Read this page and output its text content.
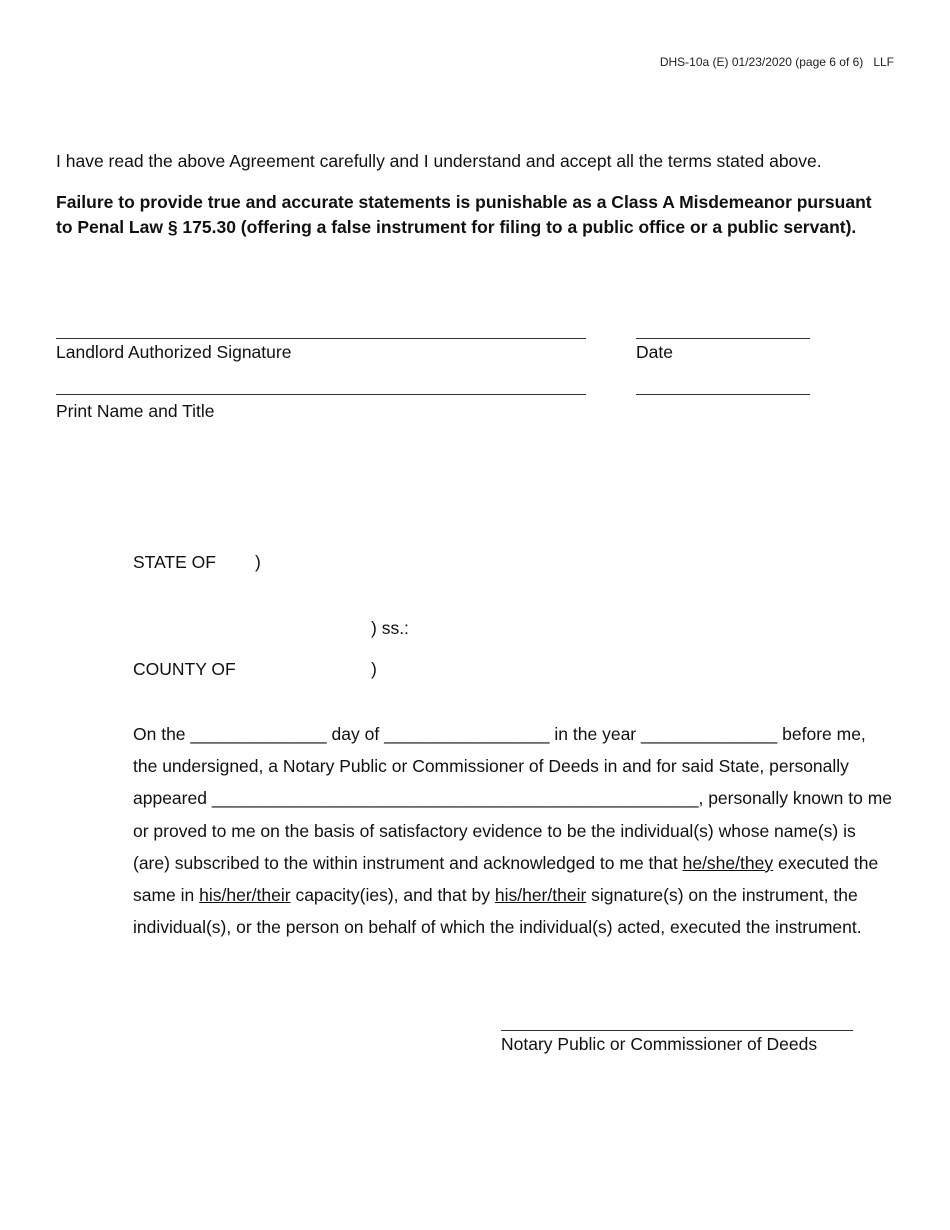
DHS-10a (E) 01/23/2020 (page 6 of 6) LLF
I have read the above Agreement carefully and I understand and accept all the terms stated above.
Failure to provide true and accurate statements is punishable as a Class A Misdemeanor pursuant to Penal Law § 175.30 (offering a false instrument for filing to a public office or a public servant).
Landlord Authorized Signature	Date
Print Name and Title
STATE OF )
) ss.:
COUNTY OF	)
On the ______________ day of _________________ in the year ______________ before me, the undersigned, a Notary Public or Commissioner of Deeds in and for said State, personally appeared __________________________________________________, personally known to me or proved to me on the basis of satisfactory evidence to be the individual(s) whose name(s) is (are) subscribed to the within instrument and acknowledged to me that he/she/they executed the same in his/her/their capacity(ies), and that by his/her/their signature(s) on the instrument, the individual(s), or the person on behalf of which the individual(s) acted, executed the instrument.
Notary Public or Commissioner of Deeds
